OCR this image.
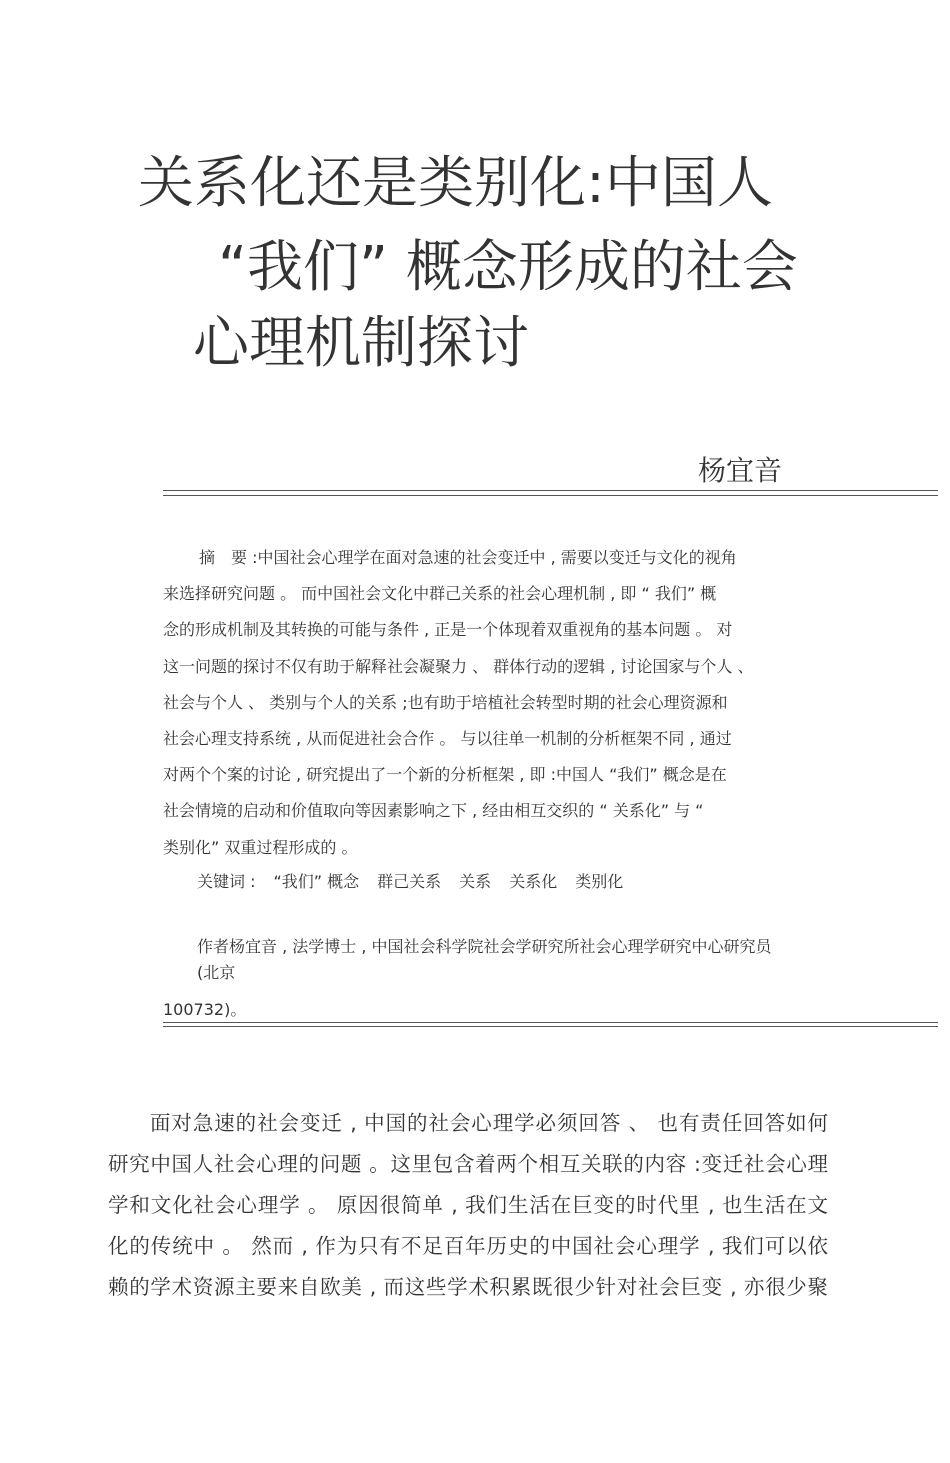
关系化还是类别化:中国人
“我们” 概念形成的社会
心理机制探讨
杨宜音
摘　要 :中国社会心理学在面对急速的社会变迁中 , 需要以变迁与文化的视角
来选择研究问题 。 而中国社会文化中群己关系的社会心理机制 , 即 “ 我们” 概
念的形成机制及其转换的可能与条件 , 正是一个体现着双重视角的基本问题 。 对
这一问题的探讨不仅有助于解释社会凝聚力 、 群体行动的逻辑 , 讨论国家与个人 、
社会与个人 、 类别与个人的关系 ;也有助于培植社会转型时期的社会心理资源和
社会心理支持系统 , 从而促进社会合作 。 与以往单一机制的分析框架不同 , 通过
对两个个案的讨论 , 研究提出了一个新的分析框架 , 即 :中国人 “我们” 概念是在
社会情境的启动和价值取向等因素影响之下 , 经由相互交织的 “ 关系化” 与 “
类别化” 双重过程形成的 。
关键词 : “我们” 概念 群己关系 关系 关系化 类别化
作者杨宜音 , 法学博士 , 中国社会科学院社会学研究所社会心理学研究中心研究员 (北京
100732)。
面对急速的社会变迁 , 中国的社会心理学必须回答 、 也有责任回答如何
研究中国人社会心理的问题 。这里包含着两个相互关联的内容 :变迁社会心理
学和文化社会心理学 。 原因很简单 , 我们生活在巨变的时代里 , 也生活在文
化的传统中 。 然而 , 作为只有不足百年历史的中国社会心理学 , 我们可以依
赖的学术资源主要来自欧美 , 而这些学术积累既很少针对社会巨变 , 亦很少聚
